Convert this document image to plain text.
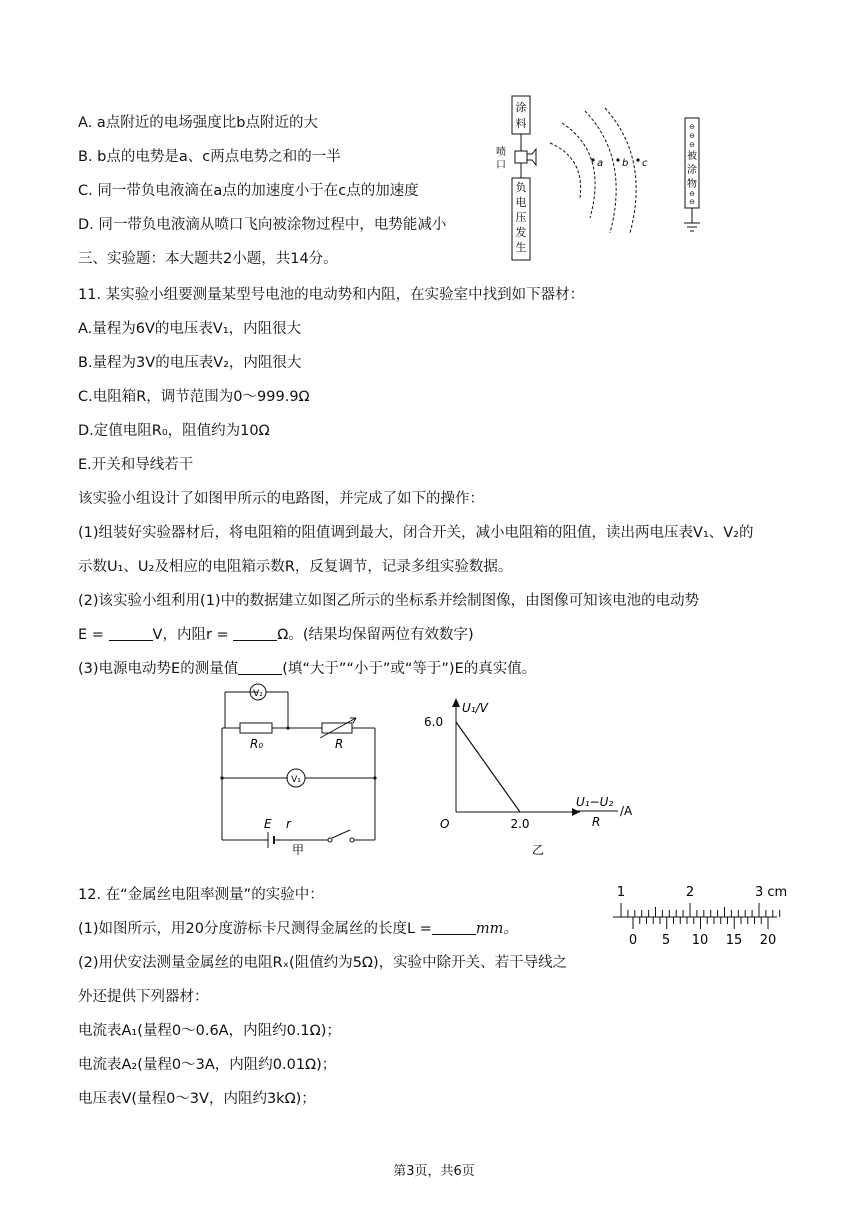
A. a点附近的电场强度比b点附近的大
B. b点的电势是a、c两点电势之和的一半
C. 同一带负电液滴在a点的加速度小于在c点的加速度
D. 同一带负电液滴从喷口飞向被涂物过程中，电势能减小
三、实验题：本大题共2小题，共14分。
涂
料
喷
口
负
电
压
发
生
a b c
⊖
⊖
⊖
被
涂
物
⊖
⊖
11. 某实验小组要测量某型号电池的电动势和内阻，在实验室中找到如下器材：
A.量程为6V的电压表V₁，内阻很大
B.量程为3V的电压表V₂，内阻很大
C.电阻箱R，调节范围为0～999.9Ω
D.定值电阻R₀，阻值约为10Ω
E.开关和导线若干
该实验小组设计了如图甲所示的电路图，并完成了如下的操作：
(1)组装好实验器材后，将电阻箱的阻值调到最大，闭合开关，减小电阻箱的阻值，读出两电压表V₁、V₂的
示数U₁、U₂及相应的电阻箱示数R，反复调节，记录多组实验数据。
(2)该实验小组利用(1)中的数据建立如图乙所示的坐标系并绘制图像，由图像可知该电池的电动势
E =	V，内阻r =	Ω。(结果均保留两位有效数字)
(3)电源电动势E的测量值	(填“大于”“小于”或“等于”)E的真实值。
V₂
R₀	R
V₁
E r
甲
U₁/V
6.0
2.0
O
U₁−U₂
R
/A
乙
12. 在“金属丝电阻率测量”的实验中：
(1)如图所示，用20分度游标卡尺测得金属丝的长度L =	mm。
(2)用伏安法测量金属丝的电阻Rₓ(阻值约为5Ω)，实验中除开关、若干导线之
外还提供下列器材：
电流表A₁(量程0～0.6A，内阻约0.1Ω)；
电流表A₂(量程0～3A，内阻约0.01Ω)；
电压表V(量程0～3V，内阻约3kΩ)；
1	2	3 cm
0 5 10 15 20
第3页，共6页
